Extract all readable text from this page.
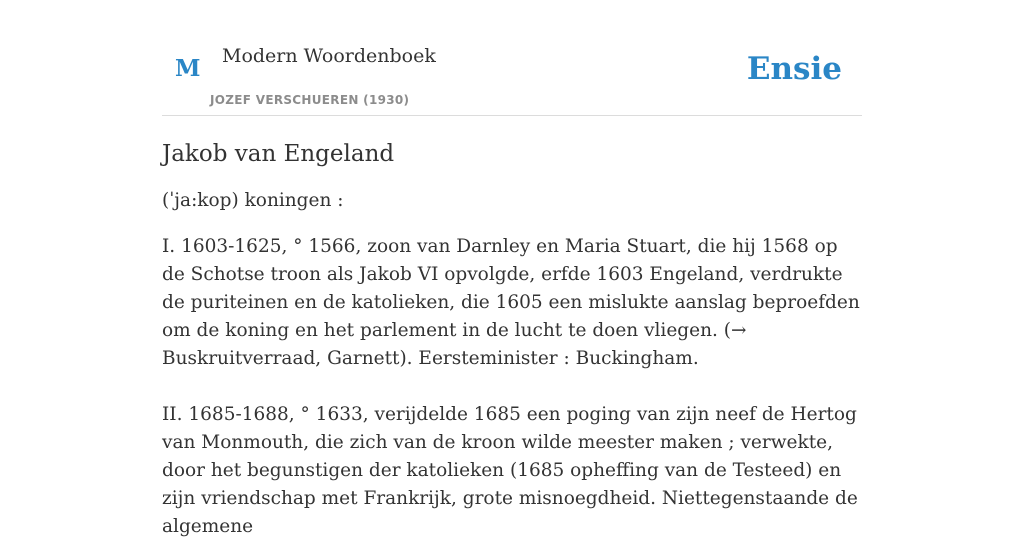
M Modern Woordenboek
JOZEF VERSCHUEREN (1930)
Ensie
Jakob van Engeland
(ˈja:kop) koningen :

I. 1603-1625, ° 1566, zoon van Darnley en Maria Stuart, die hij 1568 op de Schotse troon als Jakob VI opvolgde, erfde 1603 Engeland, verdrukte de puriteinen en de katolieken, die 1605 een mislukte aanslag beproefden om de koning en het parlement in de lucht te doen vliegen. (→ Buskruitverraad, Garnett). Eersteminister : Buckingham.

II. 1685-1688, ° 1633, verijdelde 1685 een poging van zijn neef de Hertog van Monmouth, die zich van de kroon wilde meester maken ; verwekte, door het begunstigen der katolieken (1685 opheffing van de Testeed) en zijn vriendschap met Frankrijk, grote misnoegdheid. Niettegenstaande de algemene
